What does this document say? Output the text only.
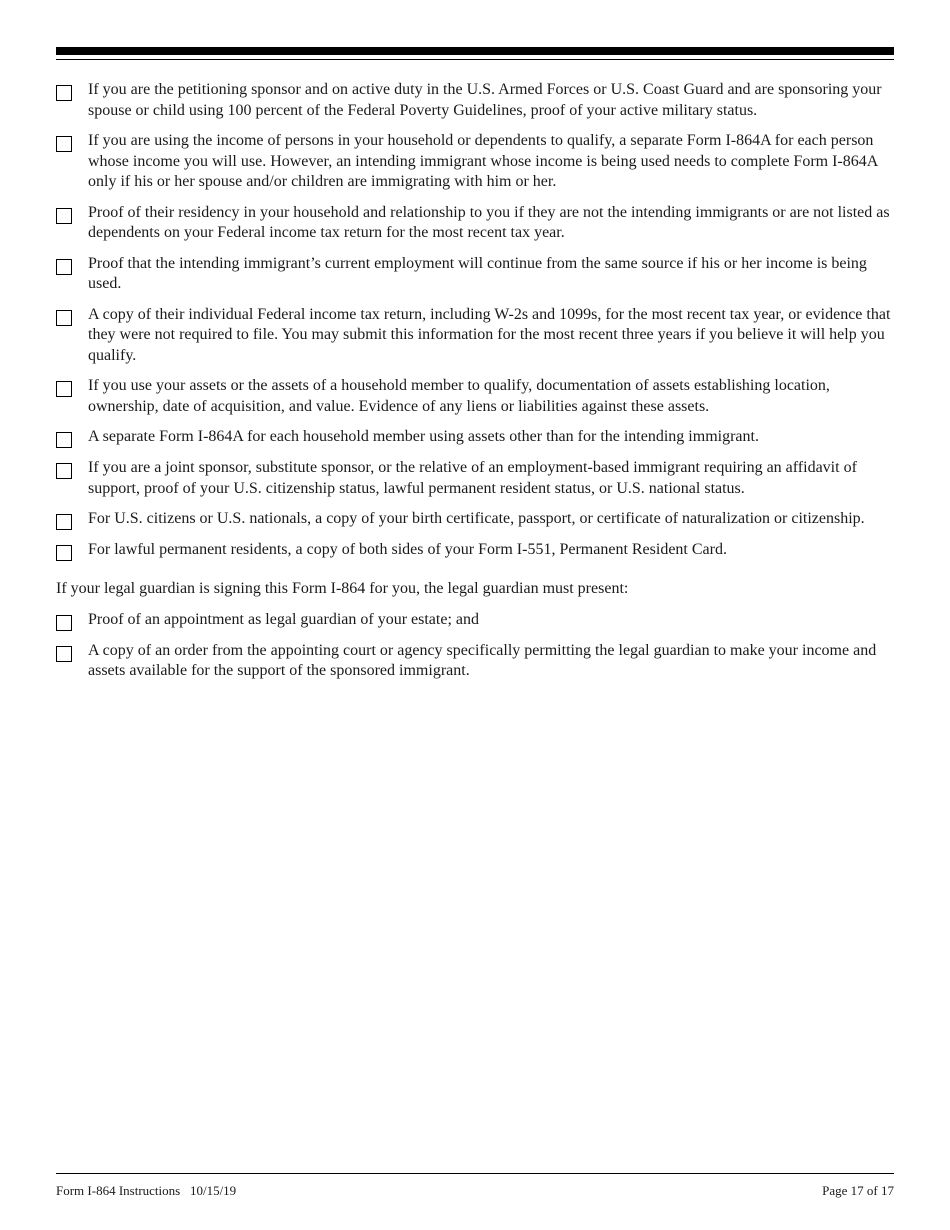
If you are the petitioning sponsor and on active duty in the U.S. Armed Forces or U.S. Coast Guard and are sponsoring your spouse or child using 100 percent of the Federal Poverty Guidelines, proof of your active military status.
If you are using the income of persons in your household or dependents to qualify, a separate Form I-864A for each person whose income you will use. However, an intending immigrant whose income is being used needs to complete Form I-864A only if his or her spouse and/or children are immigrating with him or her.
Proof of their residency in your household and relationship to you if they are not the intending immigrants or are not listed as dependents on your Federal income tax return for the most recent tax year.
Proof that the intending immigrant’s current employment will continue from the same source if his or her income is being used.
A copy of their individual Federal income tax return, including W-2s and 1099s, for the most recent tax year, or evidence that they were not required to file. You may submit this information for the most recent three years if you believe it will help you qualify.
If you use your assets or the assets of a household member to qualify, documentation of assets establishing location, ownership, date of acquisition, and value. Evidence of any liens or liabilities against these assets.
A separate Form I-864A for each household member using assets other than for the intending immigrant.
If you are a joint sponsor, substitute sponsor, or the relative of an employment-based immigrant requiring an affidavit of support, proof of your U.S. citizenship status, lawful permanent resident status, or U.S. national status.
For U.S. citizens or U.S. nationals, a copy of your birth certificate, passport, or certificate of naturalization or citizenship.
For lawful permanent residents, a copy of both sides of your Form I-551, Permanent Resident Card.
If your legal guardian is signing this Form I-864 for you, the legal guardian must present:
Proof of an appointment as legal guardian of your estate; and
A copy of an order from the appointing court or agency specifically permitting the legal guardian to make your income and assets available for the support of the sponsored immigrant.
Form I-864 Instructions   10/15/19	Page 17 of 17
